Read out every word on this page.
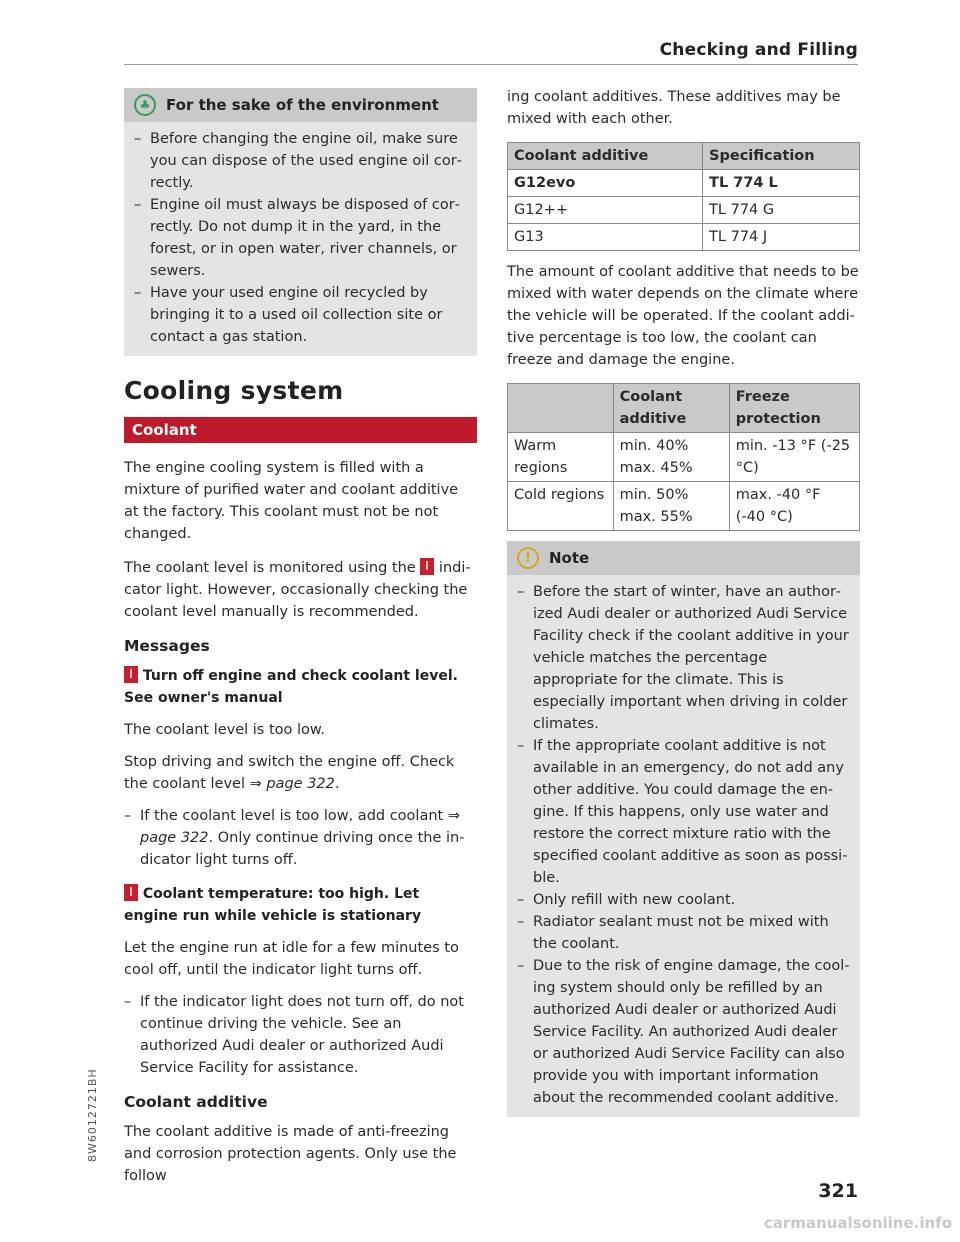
Checking and Filling
♣	For the sake of the environment
– Before changing the engine oil, make sure you can dispose of the used engine oil correctly.
– Engine oil must always be disposed of correctly. Do not dump it in the yard, in the forest, or in open water, river channels, or sewers.
– Have your used engine oil recycled by bringing it to a used oil collection site or contact a gas station.
Cooling system
Coolant

The engine cooling system is filled with a mixture of purified water and coolant additive at the factory. This coolant must not be not changed.

The coolant level is monitored using the indicator light. However, occasionally checking the coolant level manually is recommended.

Messages
Turn off engine and check coolant level. See owner's manual

The coolant level is too low.

Stop driving and switch the engine off. Check the coolant level ⇒ page 322.

– If the coolant level is too low, add coolant ⇒ page 322. Only continue driving once the indicator light turns off.
Coolant temperature: too high. Let engine run while vehicle is stationary

Let the engine run at idle for a few minutes to cool off, until the indicator light turns off.

– If the indicator light does not turn off, do not continue driving the vehicle. See an authorized Audi dealer or authorized Audi Service Facility for assistance.
Coolant additive

The coolant additive is made of anti-freezing and corrosion protection agents. Only use the follow

ing coolant additives. These additives may be mixed with each other.

Coolant additive	Specification
G12evo	TL 774 L
G12++	TL 774 G
G13	TL 774 J

The amount of coolant additive that needs to be mixed with water depends on the climate where the vehicle will be operated. If the coolant additive percentage is too low, the coolant can freeze and damage the engine.

	Coolant additive	Freeze protection
Warm regions	min. 40% max. 45%	min. -13 °F (-25 °C)
Cold regions	min. 50% max. 55%	max. -40 °F (-40 °C)
!	Note
– Before the start of winter, have an authorized Audi dealer or authorized Audi Service Facility check if the coolant additive in your vehicle matches the percentage appropriate for the climate. This is especially important when driving in colder climates.
– If the appropriate coolant additive is not available in an emergency, do not add any other additive. You could damage the engine. If this happens, only use water and restore the correct mixture ratio with the specified coolant additive as soon as possible.
– Only refill with new coolant.
– Radiator sealant must not be mixed with the coolant.
– Due to the risk of engine damage, the cooling system should only be refilled by an authorized Audi dealer or authorized Audi Service Facility. An authorized Audi dealer or authorized Audi Service Facility can also provide you with important information about the recommended coolant additive.
8W6012721BH
321
carmanualsonline.info
